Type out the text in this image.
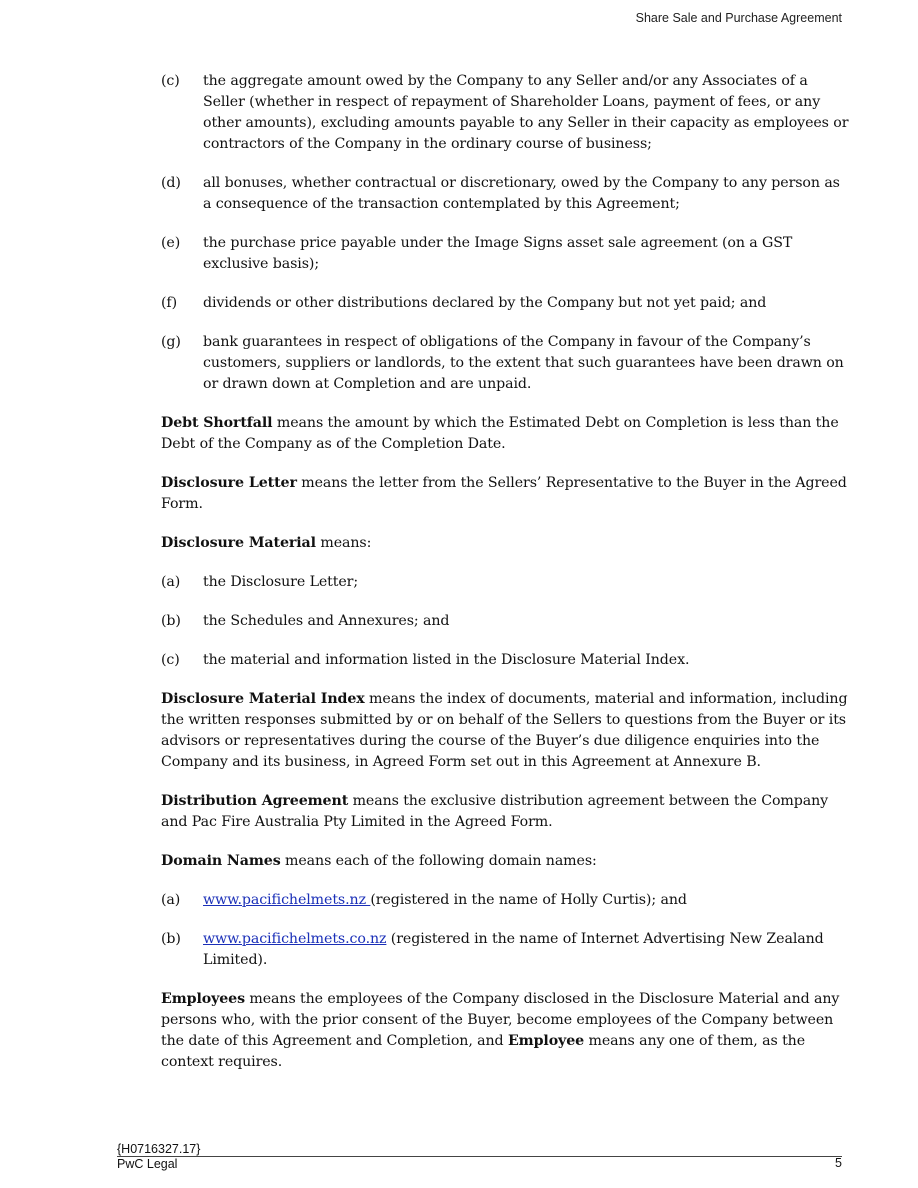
Share Sale and Purchase Agreement
(c) the aggregate amount owed by the Company to any Seller and/or any Associates of a Seller (whether in respect of repayment of Shareholder Loans, payment of fees, or any other amounts), excluding amounts payable to any Seller in their capacity as employees or contractors of the Company in the ordinary course of business;
(d) all bonuses, whether contractual or discretionary, owed by the Company to any person as a consequence of the transaction contemplated by this Agreement;
(e) the purchase price payable under the Image Signs asset sale agreement (on a GST exclusive basis);
(f) dividends or other distributions declared by the Company but not yet paid; and
(g) bank guarantees in respect of obligations of the Company in favour of the Company’s customers, suppliers or landlords, to the extent that such guarantees have been drawn on or drawn down at Completion and are unpaid.

Debt Shortfall means the amount by which the Estimated Debt on Completion is less than the Debt of the Company as of the Completion Date.

Disclosure Letter means the letter from the Sellers’ Representative to the Buyer in the Agreed Form.

Disclosure Material means:

(a) the Disclosure Letter;
(b) the Schedules and Annexures; and
(c) the material and information listed in the Disclosure Material Index.

Disclosure Material Index means the index of documents, material and information, including the written responses submitted by or on behalf of the Sellers to questions from the Buyer or its advisors or representatives during the course of the Buyer’s due diligence enquiries into the Company and its business, in Agreed Form set out in this Agreement at Annexure B.

Distribution Agreement means the exclusive distribution agreement between the Company and Pac Fire Australia Pty Limited in the Agreed Form.

Domain Names means each of the following domain names:

(a) www.pacifichelmets.nz (registered in the name of Holly Curtis); and
(b) www.pacifichelmets.co.nz (registered in the name of Internet Advertising New Zealand Limited).

Employees means the employees of the Company disclosed in the Disclosure Material and any persons who, with the prior consent of the Buyer, become employees of the Company between the date of this Agreement and Completion, and Employee means any one of them, as the context requires.

{H0716327.17}
PwC Legal	5
